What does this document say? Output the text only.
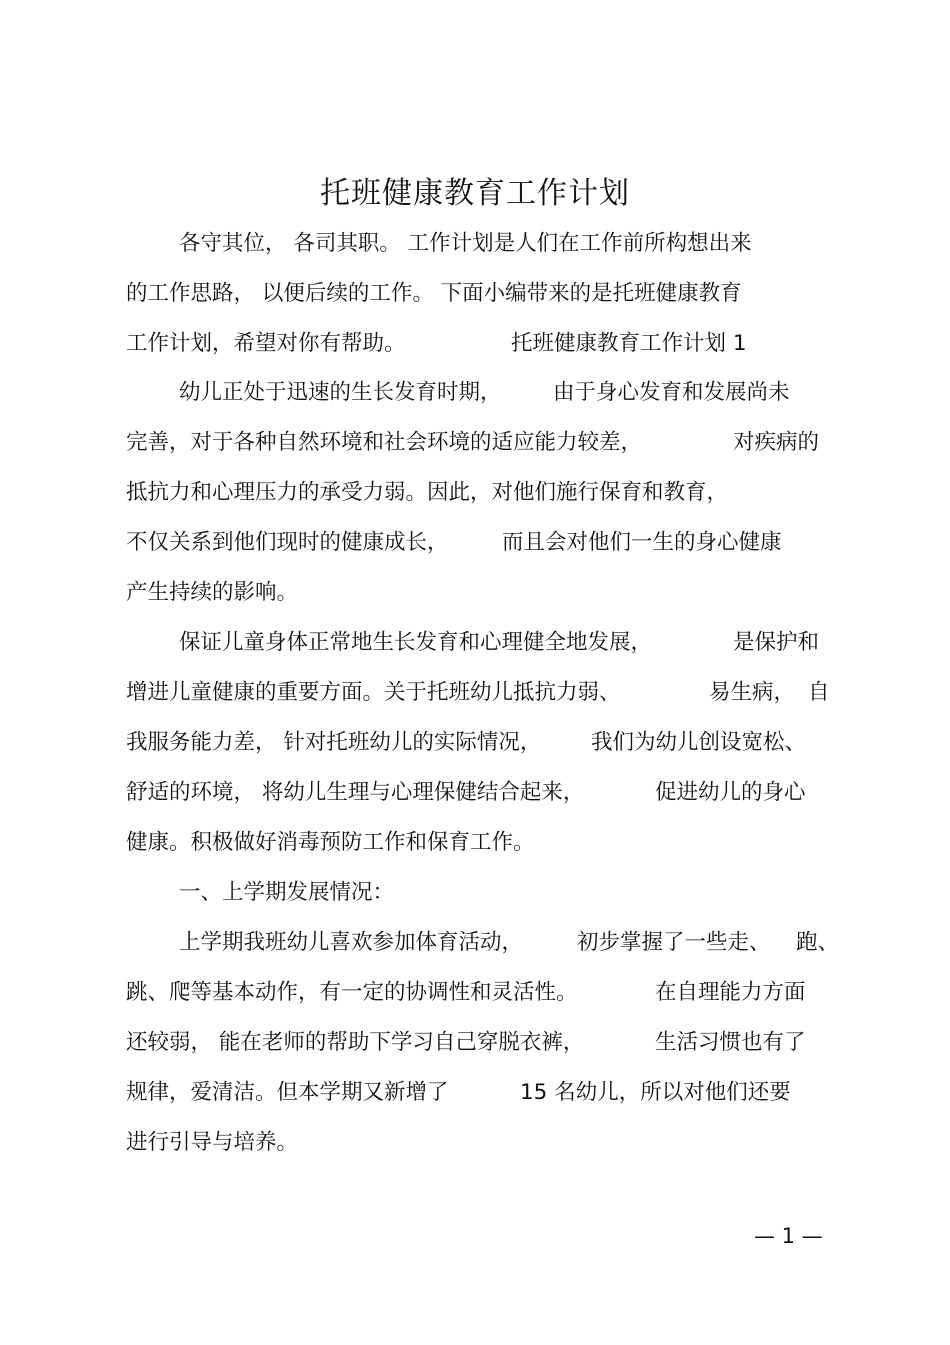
托班健康教育工作计划
各守其位， 各司其职。 工作计划是人们在工作前所构想出来
的工作思路， 以便后续的工作。 下面小编带来的是托班健康教育
工作计划，希望对你有帮助。	托班健康教育工作计划 1
幼儿正处于迅速的生长发育时期， 由于身心发育和发展尚未
完善，对于各种自然环境和社会环境的适应能力较差，	对疾病的
抵抗力和心理压力的承受力弱。因此，对他们施行保育和教育，
不仅关系到他们现时的健康成长， 而且会对他们一生的身心健康
产生持续的影响。
保证儿童身体正常地生长发育和心理健全地发展，	是保护和
增进儿童健康的重要方面。关于托班幼儿抵抗力弱、	易生病， 自
我服务能力差， 针对托班幼儿的实际情况， 我们为幼儿创设宽松、
舒适的环境， 将幼儿生理与心理保健结合起来，	促进幼儿的身心
健康。积极做好消毒预防工作和保育工作。
一、上学期发展情况：
上学期我班幼儿喜欢参加体育活动，	初步掌握了一些走、 跑、
跳、爬等基本动作，有一定的协调性和灵活性。	在自理能力方面
还较弱， 能在老师的帮助下学习自己穿脱衣裤，	生活习惯也有了
规律，爱清洁。但本学期又新增了	15 名幼儿，所以对他们还要
进行引导与培养。
— 1 —
